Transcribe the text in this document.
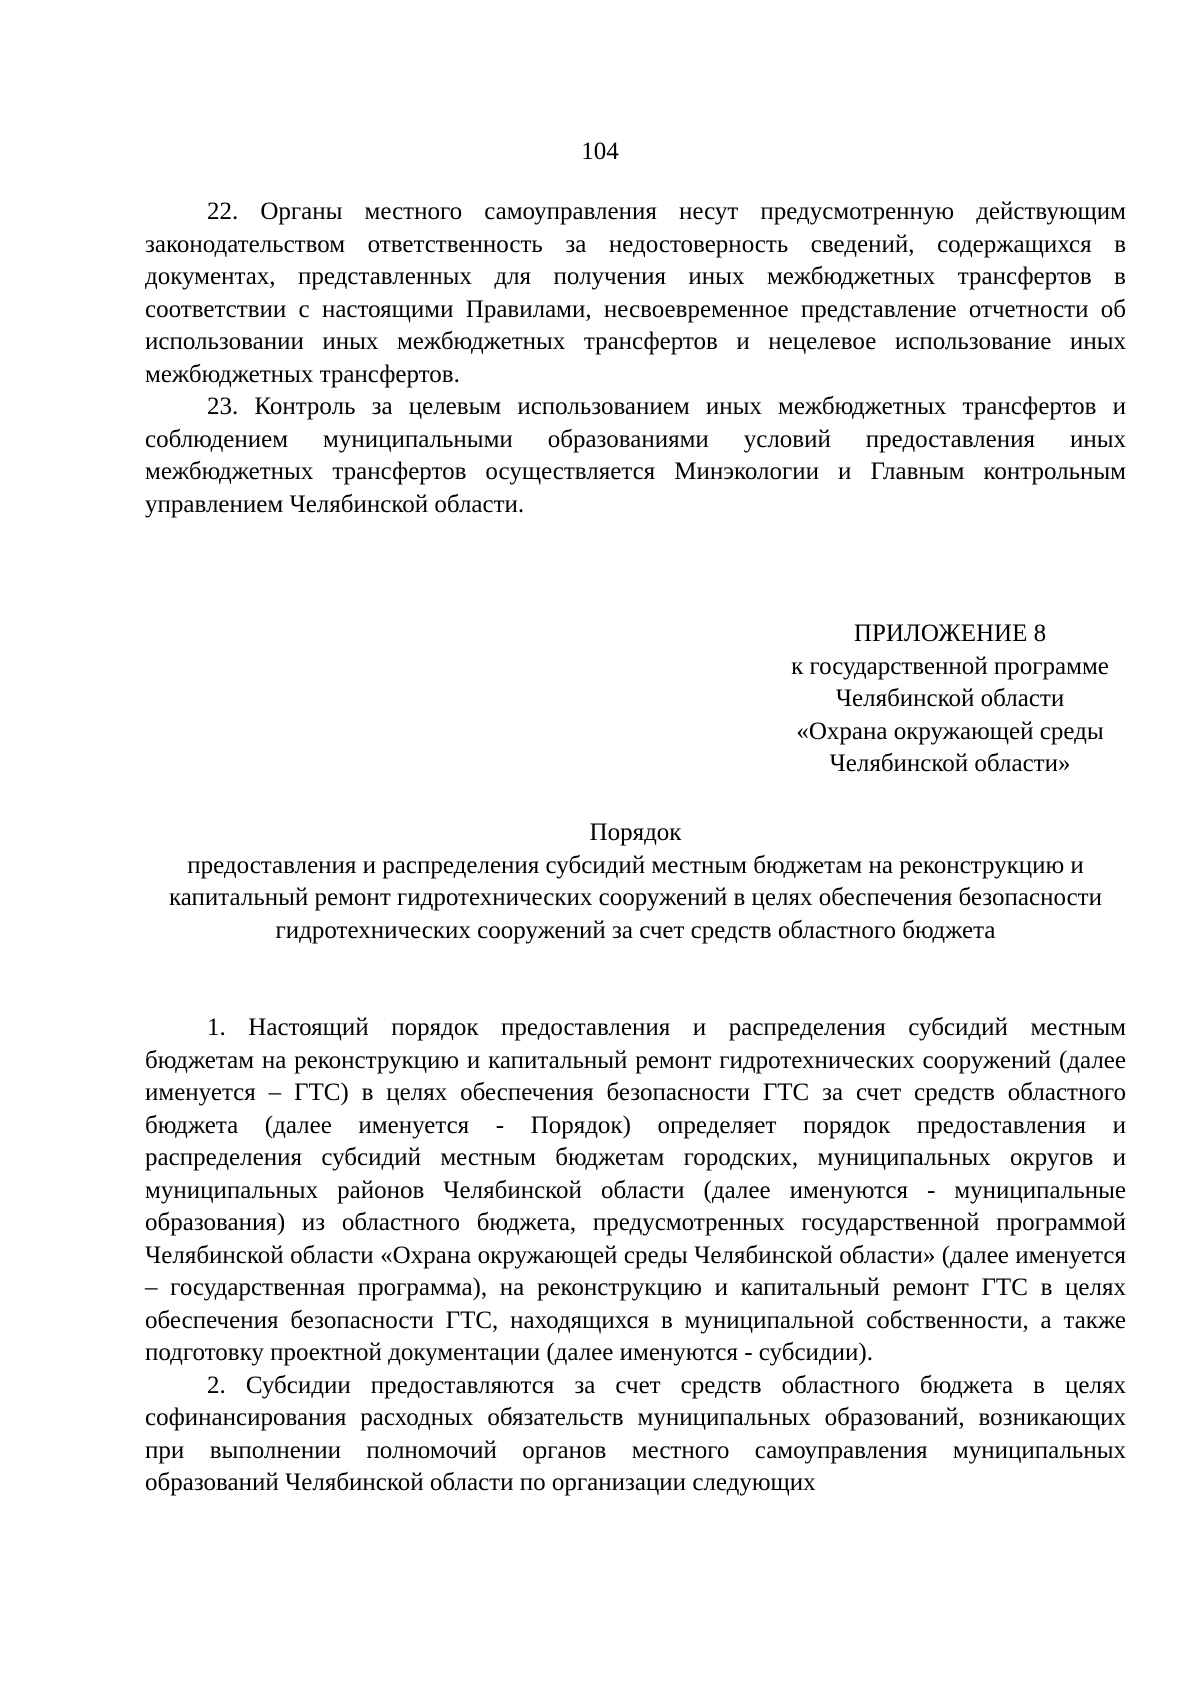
104

22. Органы местного самоуправления несут предусмотренную действующим законодательством ответственность за недостоверность сведений, содержащихся в документах, представленных для получения иных межбюджетных трансфертов в соответствии с настоящими Правилами, несвоевременное представление отчетности об использовании иных межбюджетных трансфертов и нецелевое использование иных межбюджетных трансфертов.

23. Контроль за целевым использованием иных межбюджетных трансфертов и соблюдением муниципальными образованиями условий предоставления иных межбюджетных трансфертов осуществляется Минэкологии и Главным контрольным управлением Челябинской области.

ПРИЛОЖЕНИЕ 8
к государственной программе
Челябинской области
«Охрана окружающей среды
Челябинской области»
Порядок
предоставления и распределения субсидий местным бюджетам на реконструкцию и капитальный ремонт гидротехнических сооружений в целях обеспечения безопасности гидротехнических сооружений за счет средств областного бюджета

1. Настоящий порядок предоставления и распределения субсидий местным бюджетам на реконструкцию и капитальный ремонт гидротехнических сооружений (далее именуется – ГТС) в целях обеспечения безопасности ГТС за счет средств областного бюджета (далее именуется - Порядок) определяет порядок предоставления и распределения субсидий местным бюджетам городских, муниципальных округов и муниципальных районов Челябинской области (далее именуются - муниципальные образования) из областного бюджета, предусмотренных государственной программой Челябинской области «Охрана окружающей среды Челябинской области» (далее именуется – государственная программа), на реконструкцию и капитальный ремонт ГТС в целях обеспечения безопасности ГТС, находящихся в муниципальной собственности, а также подготовку проектной документации (далее именуются - субсидии).

2. Субсидии предоставляются за счет средств областного бюджета в целях софинансирования расходных обязательств муниципальных образований, возникающих при выполнении полномочий органов местного самоуправления муниципальных образований Челябинской области по организации следующих
